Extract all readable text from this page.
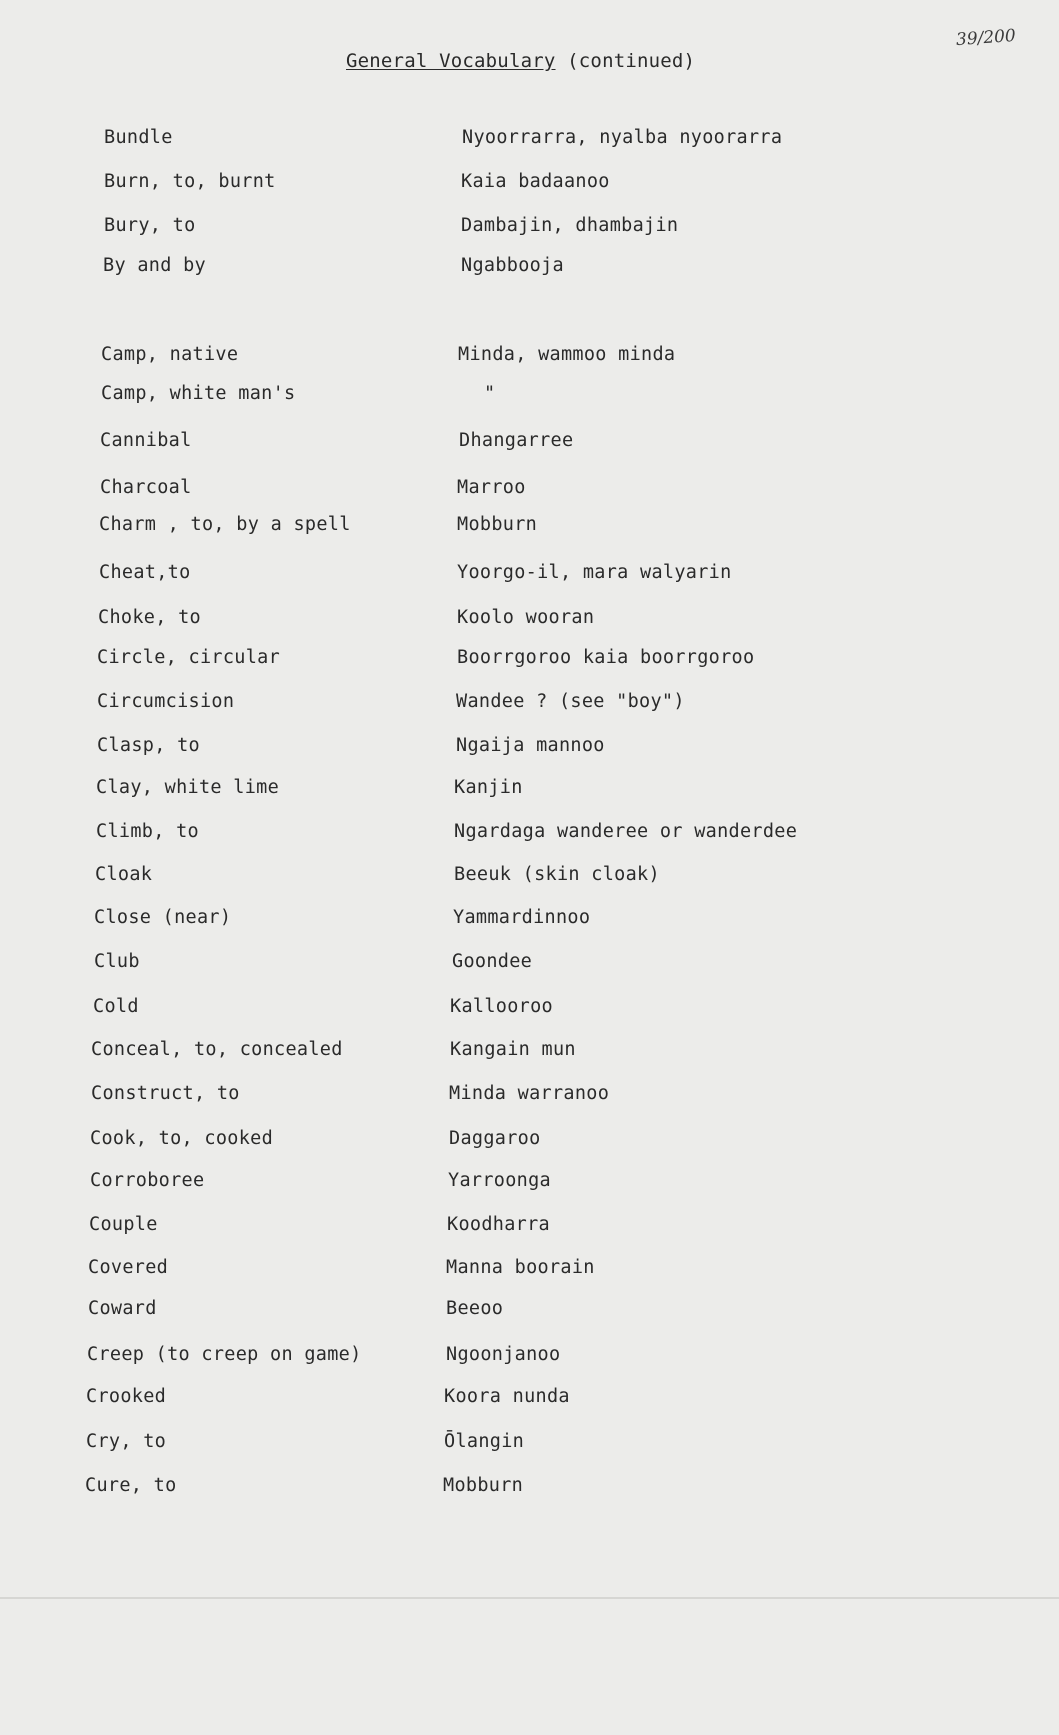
39/200
General Vocabulary (continued)
Bundle	Nyoorrarra, nyalba nyoorarra
Burn, to, burnt	Kaia badaanoo
Bury, to	Dambajin, dhambajin
By and by	Ngabbooja
Camp, native	Minda, wammoo minda
Camp, white man's	"
Cannibal	Dhangarree
Charcoal	Marroo
Charm , to, by a spell	Mobburn
Cheat,to	Yoorgo-il, mara walyarin
Choke, to	Koolo wooran
Circle, circular	Boorrgoroo kaia boorrgoroo
Circumcision	Wandee ? (see "boy")
Clasp, to	Ngaija mannoo
Clay, white lime	Kanjin
Climb, to	Ngardaga wanderee or wanderdee
Cloak	Beeuk (skin cloak)
Close (near)	Yammardinnoo
Club	Goondee
Cold	Kallooroo
Conceal, to, concealed	Kangain mun
Construct, to	Minda warranoo
Cook, to, cooked	Daggaroo
Corroboree	Yarroonga
Couple	Koodharra
Covered	Manna boorain
Coward	Beeoo
Creep (to creep on game)	Ngoonjanoo
Crooked	Koora nunda
Cry, to	Ōlangin
Cure, to	Mobburn
